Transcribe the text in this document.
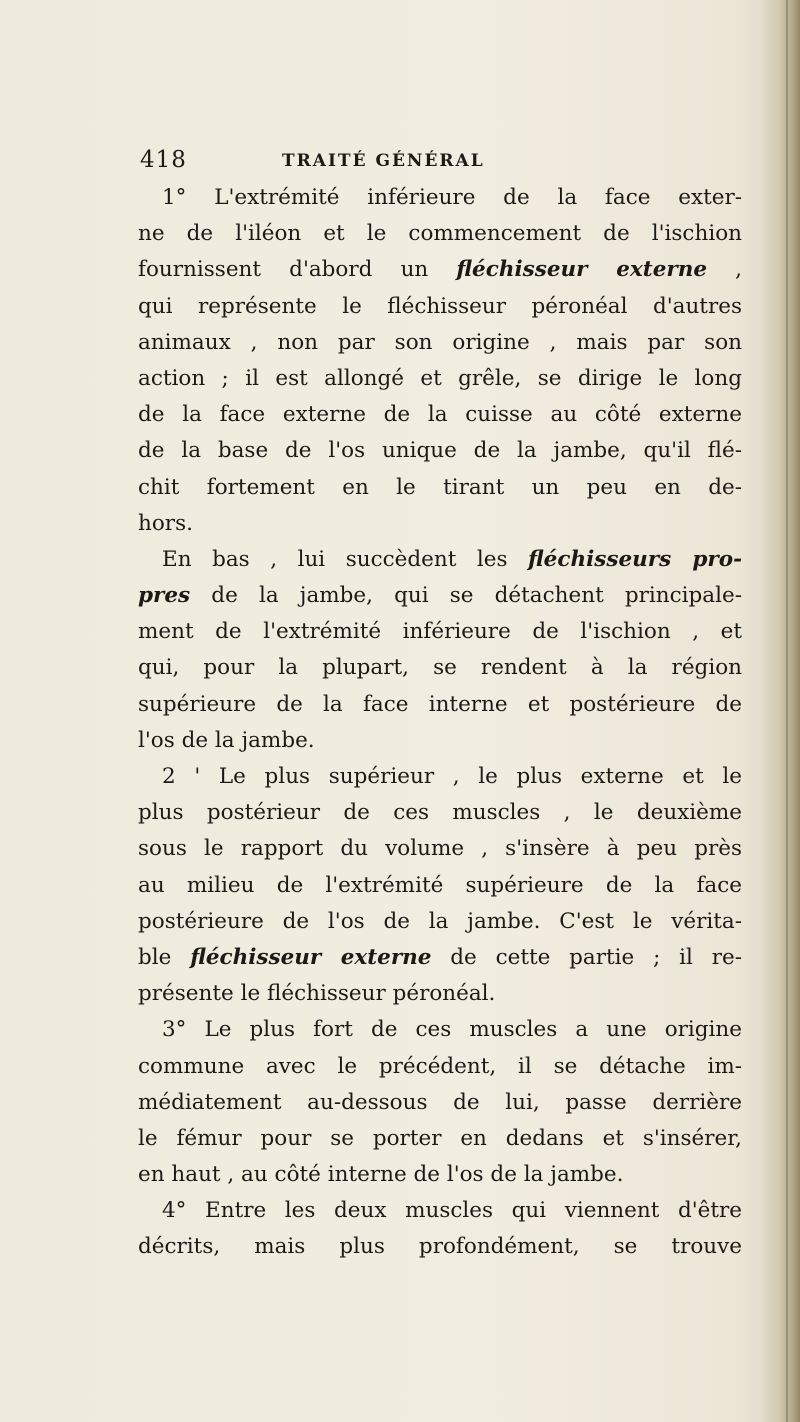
418	TRAITÉ GÉNÉRAL
1° L'extrémité inférieure de la face exter-
ne de l'iléon et le commencement de l'ischion
fournissent d'abord un fléchisseur externe ,
qui représente le fléchisseur péronéal d'autres
animaux , non par son origine , mais par son
action ; il est allongé et grêle, se dirige le long
de la face externe de la cuisse au côté externe
de la base de l'os unique de la jambe, qu'il flé-
chit fortement en le tirant un peu en de-
hors.
En bas , lui succèdent les fléchisseurs pro-
pres de la jambe, qui se détachent principale-
ment de l'extrémité inférieure de l'ischion , et
qui, pour la plupart, se rendent à la région
supérieure de la face interne et postérieure de
l'os de la jambe.
2 ' Le plus supérieur , le plus externe et le
plus postérieur de ces muscles , le deuxième
sous le rapport du volume , s'insère à peu près
au milieu de l'extrémité supérieure de la face
postérieure de l'os de la jambe. C'est le vérita-
ble fléchisseur externe de cette partie ; il re-
présente le fléchisseur péronéal.
3° Le plus fort de ces muscles a une origine
commune avec le précédent, il se détache im-
médiatement au-dessous de lui, passe derrière
le fémur pour se porter en dedans et s'insérer,
en haut , au côté interne de l'os de la jambe.
4° Entre les deux muscles qui viennent d'être
décrits, mais plus profondément, se trouve
